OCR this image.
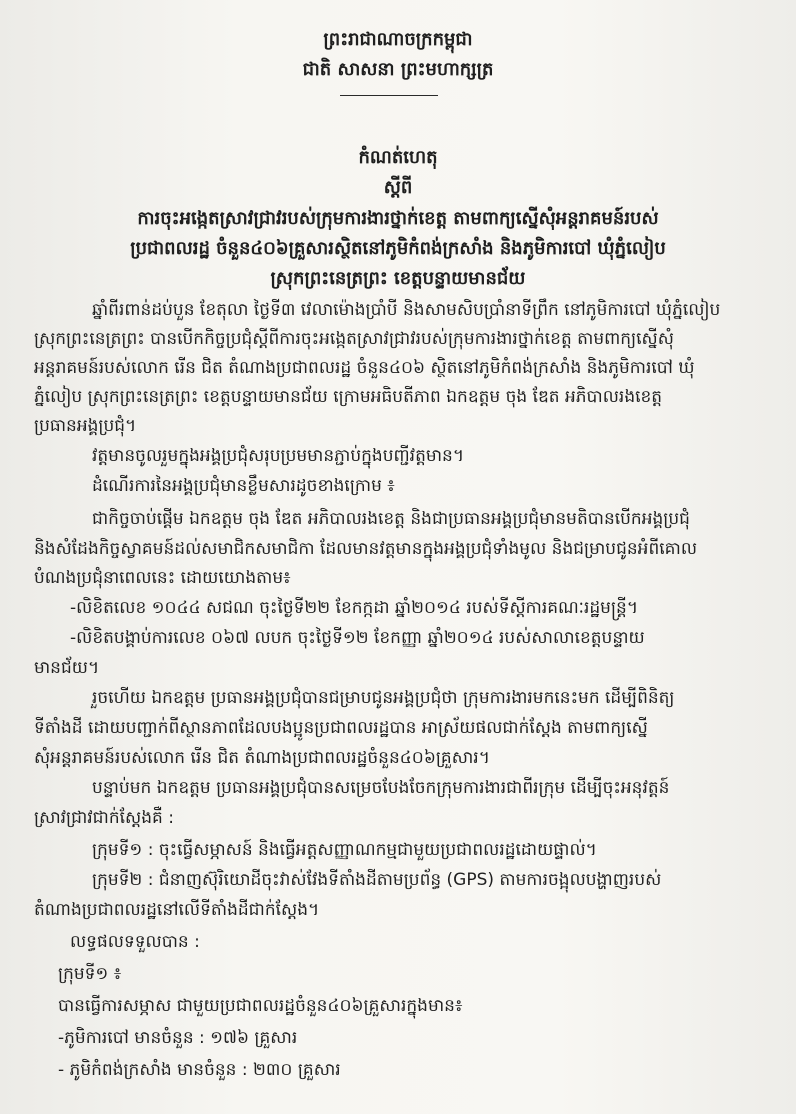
ព្រះរាជាណាចក្រកម្ពុជា
ជាតិ សាសនា ព្រះមហាក្សត្រ
កំណត់ហេតុ
ស្តីពី
ការចុះអង្កេតស្រាវជ្រាវរបស់ក្រុមការងារថ្នាក់ខេត្ត តាមពាក្យស្នើសុំអន្តរាគមន៍របស់
ប្រជាពលរដ្ឋ ចំនួន៤០៦គ្រួសារស្ថិតនៅភូមិកំពង់ក្រសាំង និងភូមិការបៅ ឃុំភ្នំលៀប
ស្រុកព្រះនេត្រព្រះ ខេត្តបន្ទាយមានជ័យ
ឆ្នាំពីរពាន់ដប់បួន ខែតុលា ថ្ងៃទី៣ វេលាម៉ោងប្រាំបី និងសាមសិបប្រាំនាទីព្រឹក នៅភូមិការបៅ ឃុំភ្នំលៀប
ស្រុកព្រះនេត្រព្រះ បានបើកកិច្ចប្រជុំស្តីពីការចុះអង្កេតស្រាវជ្រាវរបស់ក្រុមការងារថ្នាក់ខេត្ត តាមពាក្យស្នើសុំ
អន្តរាគមន៍របស់លោក រើន ជិត តំណាងប្រជាពលរដ្ឋ ចំនួន៤០៦ ស្ថិតនៅភូមិកំពង់ក្រសាំង និងភូមិការបៅ ឃុំ
ភ្នំលៀប ស្រុកព្រះនេត្រព្រះ ខេត្តបន្ទាយមានជ័យ ក្រោមអធិបតីភាព ឯកឧត្តម ចុង ឌែត អភិបាលរងខេត្ត
ប្រធានអង្គប្រជុំ។
វត្តមានចូលរួមក្នុងអង្គប្រជុំសរុបប្រមមានភ្ជាប់ក្នុងបញ្ជីវត្តមាន។
ដំណើរការនៃអង្គប្រជុំមានខ្លឹមសារដូចខាងក្រោម ៖
ជាកិច្ចចាប់ផ្តើម ឯកឧត្តម ចុង ឌែត អភិបាលរងខេត្ត និងជាប្រធានអង្គប្រជុំមានមតិបានបើកអង្គប្រជុំ
និងសំដែងកិច្ចស្វាគមន៍ដល់សមាជិកសមាជិកា ដែលមានវត្តមានក្នុងអង្គប្រជុំទាំងមូល និងជម្រាបជូនអំពីគោល
បំណងប្រជុំនាពេលនេះ ដោយយោងតាម៖
-លិខិតលេខ ១០៤៤ សជណ ចុះថ្ងៃទី២២ ខែកក្កដា ឆ្នាំ២០១៤ របស់ទីស្តីការគណៈរដ្ឋមន្ត្រី។
-លិខិតបង្គាប់ការលេខ ០៦៧ លបក ចុះថ្ងៃទី១២ ខែកញ្ញា ឆ្នាំ២០១៤ របស់សាលាខេត្តបន្ទាយ
មានជ័យ។
រួចហើយ ឯកឧត្តម ប្រធានអង្គប្រជុំបានជម្រាបជូនអង្គប្រជុំថា ក្រុមការងារមកនេះមក ដើម្បីពិនិត្យ
ទីតាំងដី ដោយបញ្ជាក់ពីស្ថានភាពដែលបងប្អូនប្រជាពលរដ្ឋបាន អាស្រ័យផលជាក់ស្តែង តាមពាក្យស្នើ
សុំអន្តរាគមន៍របស់លោក រើន ជិត តំណាងប្រជាពលរដ្ឋចំនួន៤០៦គ្រួសារ។
បន្ទាប់មក ឯកឧត្តម ប្រធានអង្គប្រជុំបានសម្រេចបែងចែកក្រុមការងារជាពីរក្រុម ដើម្បីចុះអនុវត្តន៍
ស្រាវជ្រាវជាក់ស្តែងគឺ :
ក្រុមទី១ : ចុះធ្វើសម្ភាសន៍ និងធ្វើអត្តសញ្ញាណកម្មជាមួយប្រជាពលរដ្ឋដោយផ្ទាល់។
ក្រុមទី២ : ជំនាញស៊ុរិយោដីចុះវាស់វែងទីតាំងដីតាមប្រព័ន្ធ (GPS) តាមការចង្អុលបង្ហាញរបស់
តំណាងប្រជាពលរដ្ឋនៅលើទីតាំងដីជាក់ស្តែង។
លទ្ធផលទទួលបាន :
ក្រុមទី១ ៖
បានធ្វើការសម្ភាស ជាមួយប្រជាពលរដ្ឋចំនួន៤០៦គ្រួសារក្នុងមាន៖
-ភូមិការបៅ មានចំនួន : ១៧៦ គ្រួសារ
- ភូមិកំពង់ក្រសាំង មានចំនួន : ២៣០ គ្រួសារ
